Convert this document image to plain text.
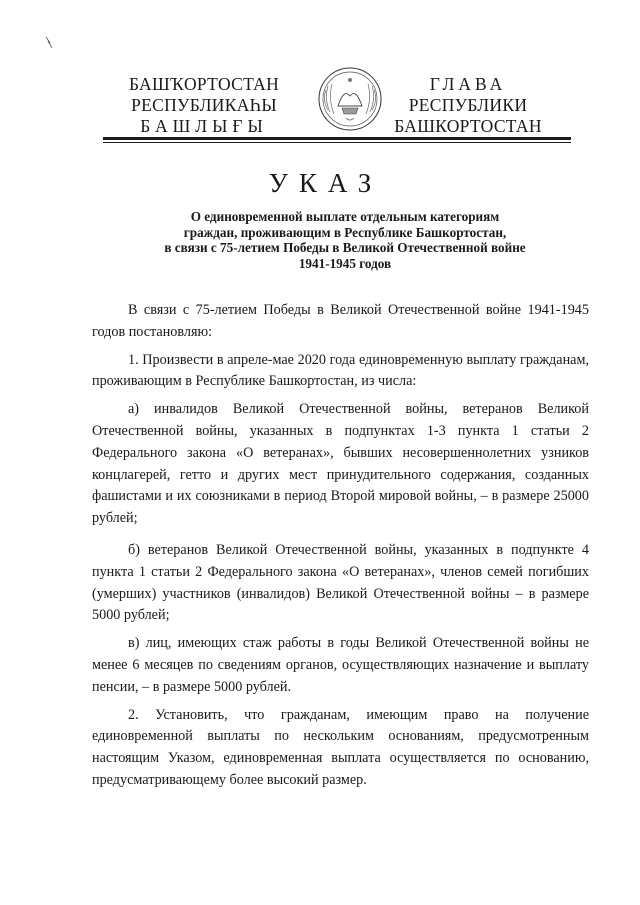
БАШҠОРТОСТАН
РЕСПУБЛИКАҺЫ
БАШЛЫҒЫ
ГЛАВА
РЕСПУБЛИКИ
БАШКОРТОСТАН
УКАЗ
О единовременной выплате отдельным категориям
граждан, проживающим в Республике Башкортостан,
в связи с 75-летием Победы в Великой Отечественной войне
1941-1945 годов

В связи с 75-летием Победы в Великой Отечественной войне 1941-1945 годов постановляю:

1. Произвести в апреле-мае 2020 года единовременную выплату гражданам, проживающим в Республике Башкортостан, из числа:

а) инвалидов Великой Отечественной войны, ветеранов Великой Отечественной войны, указанных в подпунктах 1-3 пункта 1 статьи 2 Федерального закона «О ветеранах», бывших несовершеннолетних узников концлагерей, гетто и других мест принудительного содержания, созданных фашистами и их союзниками в период Второй мировой войны, – в размере 25000 рублей;

б) ветеранов Великой Отечественной войны, указанных в подпункте 4 пункта 1 статьи 2 Федерального закона «О ветеранах», членов семей погибших (умерших) участников (инвалидов) Великой Отечественной войны – в размере 5000 рублей;

в) лиц, имеющих стаж работы в годы Великой Отечественной войны не менее 6 месяцев по сведениям органов, осуществляющих назначение и выплату пенсии, – в размере 5000 рублей.

2. Установить, что гражданам, имеющим право на получение единовременной выплаты по нескольким основаниям, предусмотренным настоящим Указом, единовременная выплата осуществляется по основанию, предусматривающему более высокий размер.
